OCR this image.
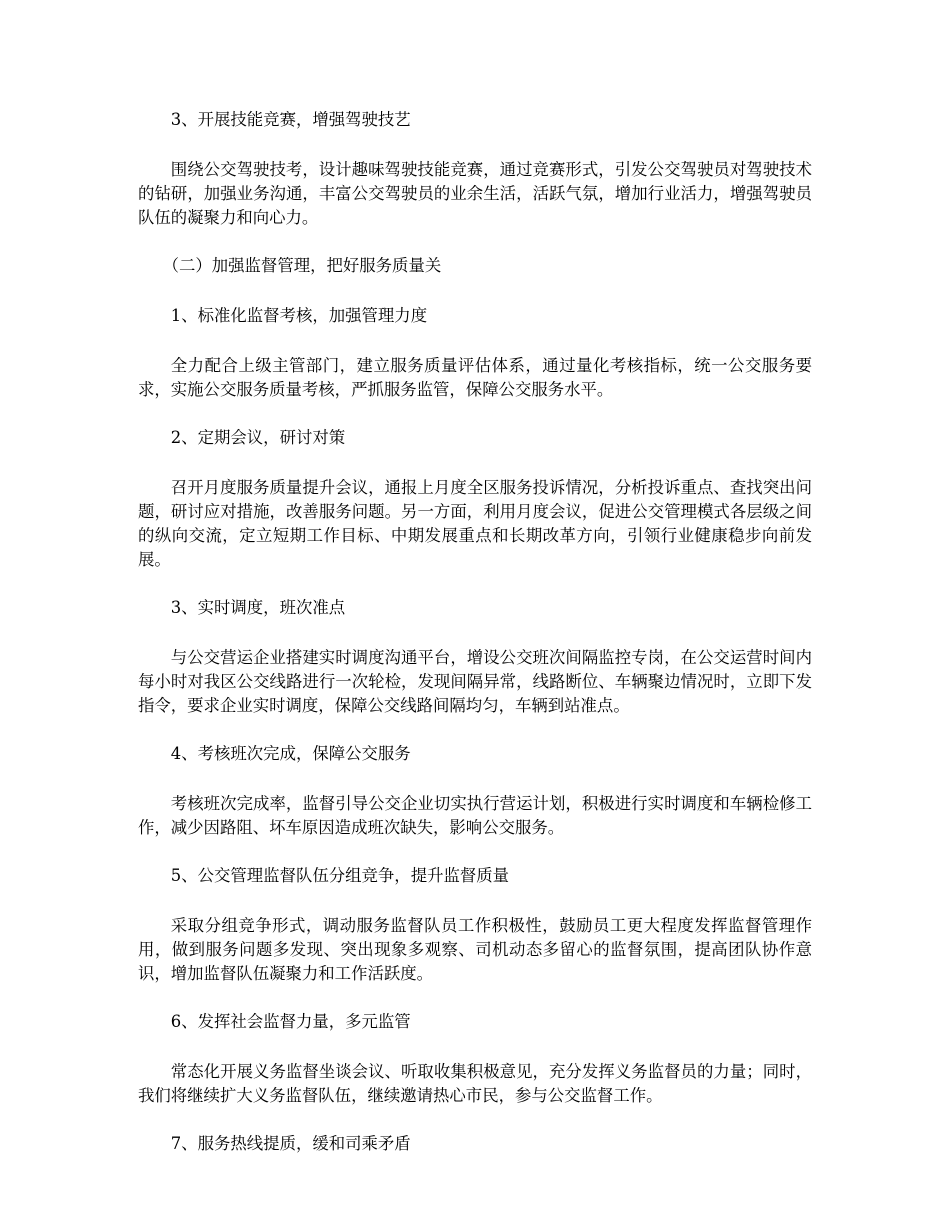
3、开展技能竞赛，增强驾驶技艺

围绕公交驾驶技考，设计趣味驾驶技能竞赛，通过竞赛形式，引发公交驾驶员对驾驶技术的钻研，加强业务沟通，丰富公交驾驶员的业余生活，活跃气氛，增加行业活力，增强驾驶员队伍的凝聚力和向心力。

（二）加强监督管理，把好服务质量关

1、标准化监督考核，加强管理力度

全力配合上级主管部门，建立服务质量评估体系，通过量化考核指标，统一公交服务要求，实施公交服务质量考核，严抓服务监管，保障公交服务水平。

2、定期会议，研讨对策

召开月度服务质量提升会议，通报上月度全区服务投诉情况，分析投诉重点、查找突出问题，研讨应对措施，改善服务问题。另一方面，利用月度会议，促进公交管理模式各层级之间的纵向交流，定立短期工作目标、中期发展重点和长期改革方向，引领行业健康稳步向前发展。

3、实时调度，班次准点

与公交营运企业搭建实时调度沟通平台，增设公交班次间隔监控专岗，在公交运营时间内每小时对我区公交线路进行一次轮检，发现间隔异常，线路断位、车辆聚边情况时，立即下发指令，要求企业实时调度，保障公交线路间隔均匀，车辆到站准点。

4、考核班次完成，保障公交服务

考核班次完成率，监督引导公交企业切实执行营运计划，积极进行实时调度和车辆检修工作，减少因路阻、坏车原因造成班次缺失，影响公交服务。

5、公交管理监督队伍分组竞争，提升监督质量

采取分组竞争形式，调动服务监督队员工作积极性，鼓励员工更大程度发挥监督管理作用，做到服务问题多发现、突出现象多观察、司机动态多留心的监督氛围，提高团队协作意识，增加监督队伍凝聚力和工作活跃度。

6、发挥社会监督力量，多元监管

常态化开展义务监督坐谈会议、听取收集积极意见，充分发挥义务监督员的力量；同时，我们将继续扩大义务监督队伍，继续邀请热心市民，参与公交监督工作。

7、服务热线提质，缓和司乘矛盾
